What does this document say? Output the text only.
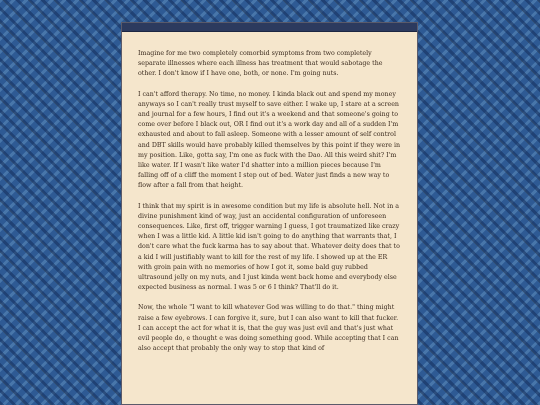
Imagine for me two completely comorbid symptoms from two completely separate illnesses where each illness has treatment that would sabotage the other. I don't know if I have one, both, or none. I'm going nuts.

I can't afford therapy. No time, no money. I kinda black out and spend my money anyways so I can't really trust myself to save either. I wake up, I stare at a screen and journal for a few hours, I find out it's a weekend and that someone's going to come over before I black out, OR I find out it's a work day and all of a sudden I'm exhausted and about to fall asleep. Someone with a lesser amount of self control and DBT skills would have probably killed themselves by this point if they were in my position. Like, gotta say, I'm one as fuck with the Dao. All this weird shit? I'm like water. If I wasn't like water I'd shatter into a million pieces because I'm falling off of a cliff the moment I step out of bed. Water just finds a new way to flow after a fall from that height.

I think that my spirit is in awesome condition but my life is absolute hell. Not in a divine punishment kind of way, just an accidental configuration of unforeseen consequences. Like, first off, trigger warning I guess, I got traumatized like crazy when I was a little kid. A little kid isn't going to do anything that warrants that, I don't care what the fuck karma has to say about that. Whatever deity does that to a kid I will justifiably want to kill for the rest of my life. I showed up at the ER with groin pain with no memories of how I got it, some bald guy rubbed ultrasound jelly on my nuts, and I just kinda went back home and everybody else expected business as normal. I was 5 or 6 I think? That'll do it.

Now, the whole "I want to kill whatever God was willing to do that." thing might raise a few eyebrows. I can forgive it, sure, but I can also want to kill that fucker. I can accept the act for what it is, that the guy was just evil and that's just what evil people do, e thought e was doing something good. While accepting that I can also accept that probably the only way to stop that kind of
